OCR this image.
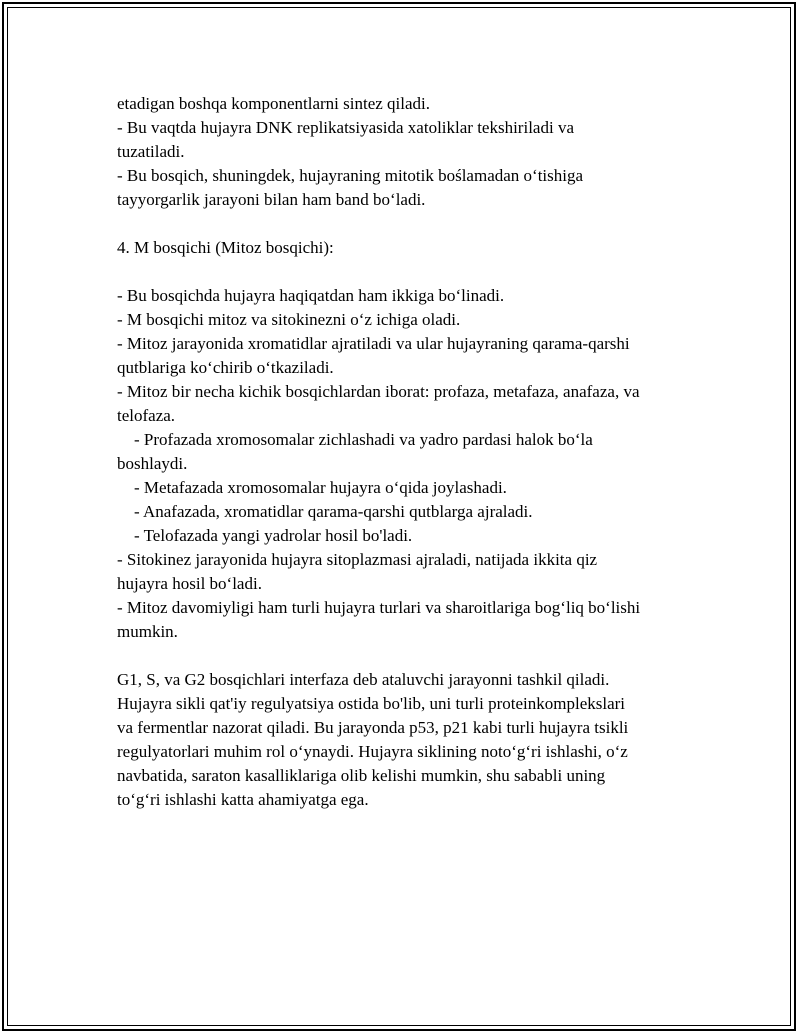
etadigan boshqa komponentlarni sintez qiladi.
- Bu vaqtda hujayra DNK replikatsiyasida xatoliklar tekshiriladi va
tuzatiladi.
- Bu bosqich, shuningdek, hujayraning mitotik boślamadan o‘tishiga
tayyorgarlik jarayoni bilan ham band bo‘ladi.
4. M bosqichi (Mitoz bosqichi):
- Bu bosqichda hujayra haqiqatdan ham ikkiga bo‘linadi.
- M bosqichi mitoz va sitokinezni o‘z ichiga oladi.
- Mitoz jarayonida xromatidlar ajratiladi va ular hujayraning qarama-qarshi
qutblariga ko‘chirib o‘tkaziladi.
- Mitoz bir necha kichik bosqichlardan iborat: profaza, metafaza, anafaza, va
telofaza.
- Profazada xromosomalar zichlashadi va yadro pardasi halok bo‘la
boshlaydi.
- Metafazada xromosomalar hujayra o‘qida joylashadi.
- Anafazada, xromatidlar qarama-qarshi qutblarga ajraladi.
- Telofazada yangi yadrolar hosil bo'ladi.
- Sitokinez jarayonida hujayra sitoplazmasi ajraladi, natijada ikkita qiz
hujayra hosil bo‘ladi.
- Mitoz davomiyligi ham turli hujayra turlari va sharoitlariga bog‘liq bo‘lishi
mumkin.
G1, S, va G2 bosqichlari interfaza deb ataluvchi jarayonni tashkil qiladi.
Hujayra sikli qat'iy regulyatsiya ostida bo'lib, uni turli proteinkomplekslari
va fermentlar nazorat qiladi. Bu jarayonda p53, p21 kabi turli hujayra tsikli
regulyatorlari muhim rol o‘ynaydi. Hujayra siklining noto‘g‘ri ishlashi, o‘z
navbatida, saraton kasalliklariga olib kelishi mumkin, shu sababli uning
to‘g‘ri ishlashi katta ahamiyatga ega.
